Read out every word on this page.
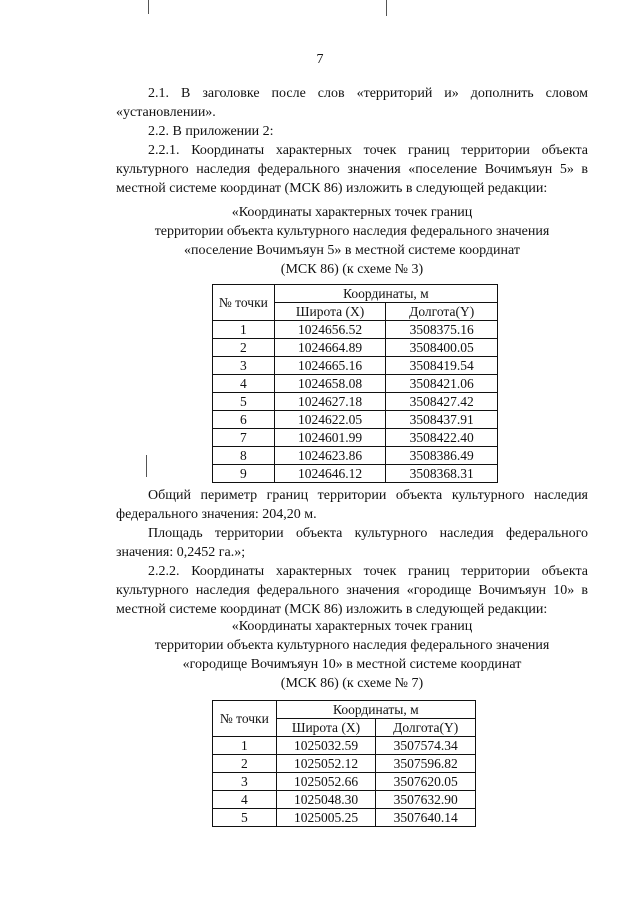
7

2.1. В заголовке после слов «территорий и» дополнить словом «установлении».

2.2. В приложении 2:

2.2.1. Координаты характерных точек границ территории объекта культурного наследия федерального значения «поселение Вочимъяун 5» в местной системе координат (МСК 86) изложить в следующей редакции:

«Координаты характерных точек границ
территории объекта культурного наследия федерального значения
«поселение Вочимъяун 5» в местной системе координат
(МСК 86) (к схеме № 3)
№ точки	Координаты, м	
	Широта (X)	Долгота(Y)
1	1024656.52	3508375.16
2	1024664.89	3508400.05
3	1024665.16	3508419.54
4	1024658.08	3508421.06
5	1024627.18	3508427.42
6	1024622.05	3508437.91
7	1024601.99	3508422.40
8	1024623.86	3508386.49
9	1024646.12	3508368.31

Общий периметр границ территории объекта культурного наследия федерального значения: 204,20 м.

Площадь территории объекта культурного наследия федерального значения: 0,2452 га.»;

2.2.2. Координаты характерных точек границ территории объекта культурного наследия федерального значения «городище Вочимъяун 10» в местной системе координат (МСК 86) изложить в следующей редакции:

«Координаты характерных точек границ
территории объекта культурного наследия федерального значения
«городище Вочимъяун 10» в местной системе координат
(МСК 86) (к схеме № 7)
№ точки	Координаты, м	
	Широта (X)	Долгота(Y)
1	1025032.59	3507574.34
2	1025052.12	3507596.82
3	1025052.66	3507620.05
4	1025048.30	3507632.90
5	1025005.25	3507640.14
